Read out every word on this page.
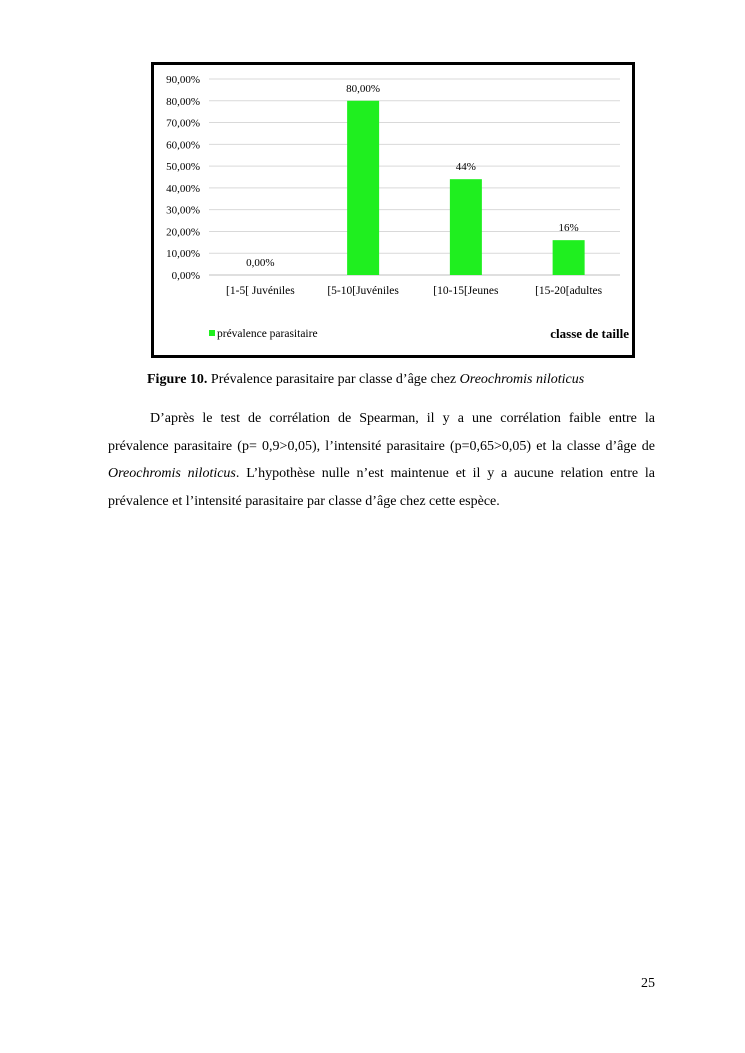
0,00%
10,00%
20,00%
30,00%
40,00%
50,00%
60,00%
70,00%
80,00%
90,00%
0,00%
80,00%
44%
16%
[1-5[ Juvéniles	[5-10[Juvéniles	[10-15[Jeunes	[15-20[adultes
prévalence parasitaire	classe de taille
Figure 10. Prévalence parasitaire par classe d’âge chez Oreochromis niloticus

D’après le test de corrélation de Spearman, il y a une corrélation faible entre la prévalence parasitaire (p= 0,9>0,05), l’intensité parasitaire (p=0,65>0,05) et la classe d’âge de Oreochromis niloticus. L’hypothèse nulle n’est maintenue et il y a aucune relation entre la prévalence et l’intensité parasitaire par classe d’âge chez cette espèce.

25
